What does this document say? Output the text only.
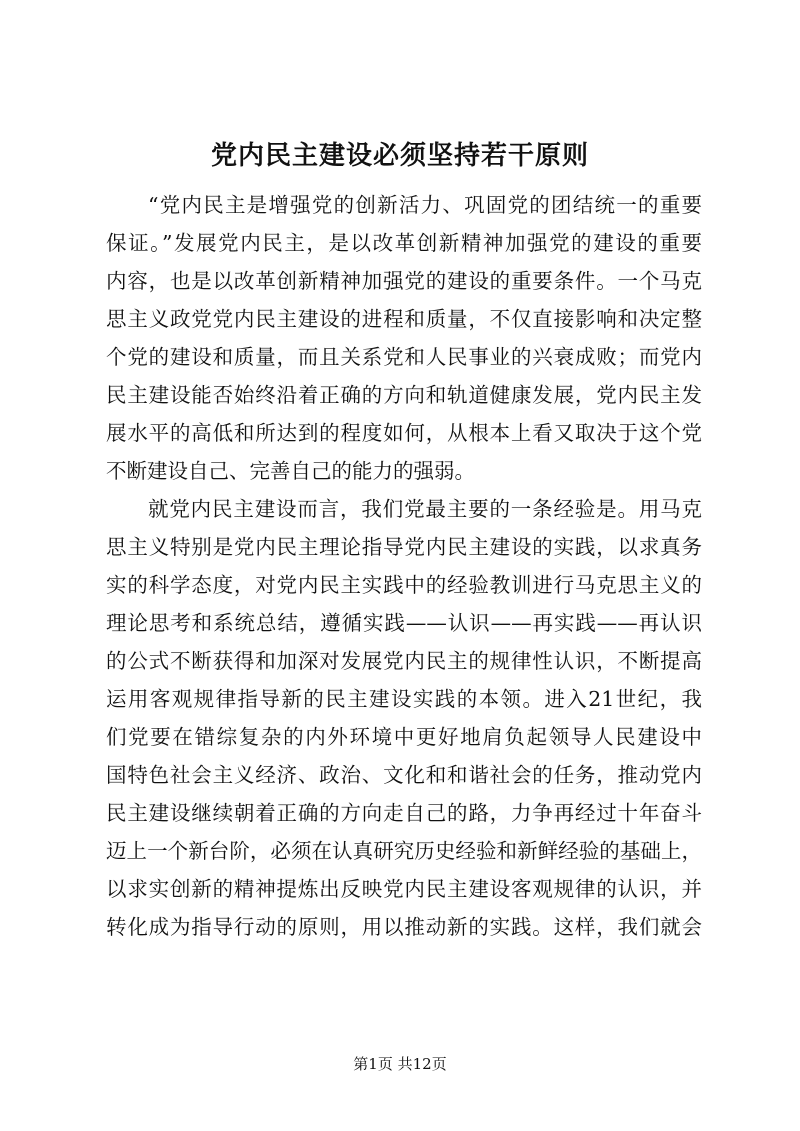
党内民主建设必须坚持若干原则
“党内民主是增强党的创新活力、巩固党的团结统一的重要
保证。”发展党内民主，是以改革创新精神加强党的建设的重要
内容，也是以改革创新精神加强党的建设的重要条件。一个马克
思主义政党党内民主建设的进程和质量，不仅直接影响和决定整
个党的建设和质量，而且关系党和人民事业的兴衰成败；而党内
民主建设能否始终沿着正确的方向和轨道健康发展，党内民主发
展水平的高低和所达到的程度如何，从根本上看又取决于这个党
不断建设自己、完善自己的能力的强弱。
就党内民主建设而言，我们党最主要的一条经验是。用马克
思主义特别是党内民主理论指导党内民主建设的实践，以求真务
实的科学态度，对党内民主实践中的经验教训进行马克思主义的
理论思考和系统总结，遵循实践——认识——再实践——再认识
的公式不断获得和加深对发展党内民主的规律性认识，不断提高
运用客观规律指导新的民主建设实践的本领。进入21世纪，我
们党要在错综复杂的内外环境中更好地肩负起领导人民建设中
国特色社会主义经济、政治、文化和和谐社会的任务，推动党内
民主建设继续朝着正确的方向走自己的路，力争再经过十年奋斗
迈上一个新台阶，必须在认真研究历史经验和新鲜经验的基础上，
以求实创新的精神提炼出反映党内民主建设客观规律的认识，并
转化成为指导行动的原则，用以推动新的实践。这样，我们就会
第1页 共12页
